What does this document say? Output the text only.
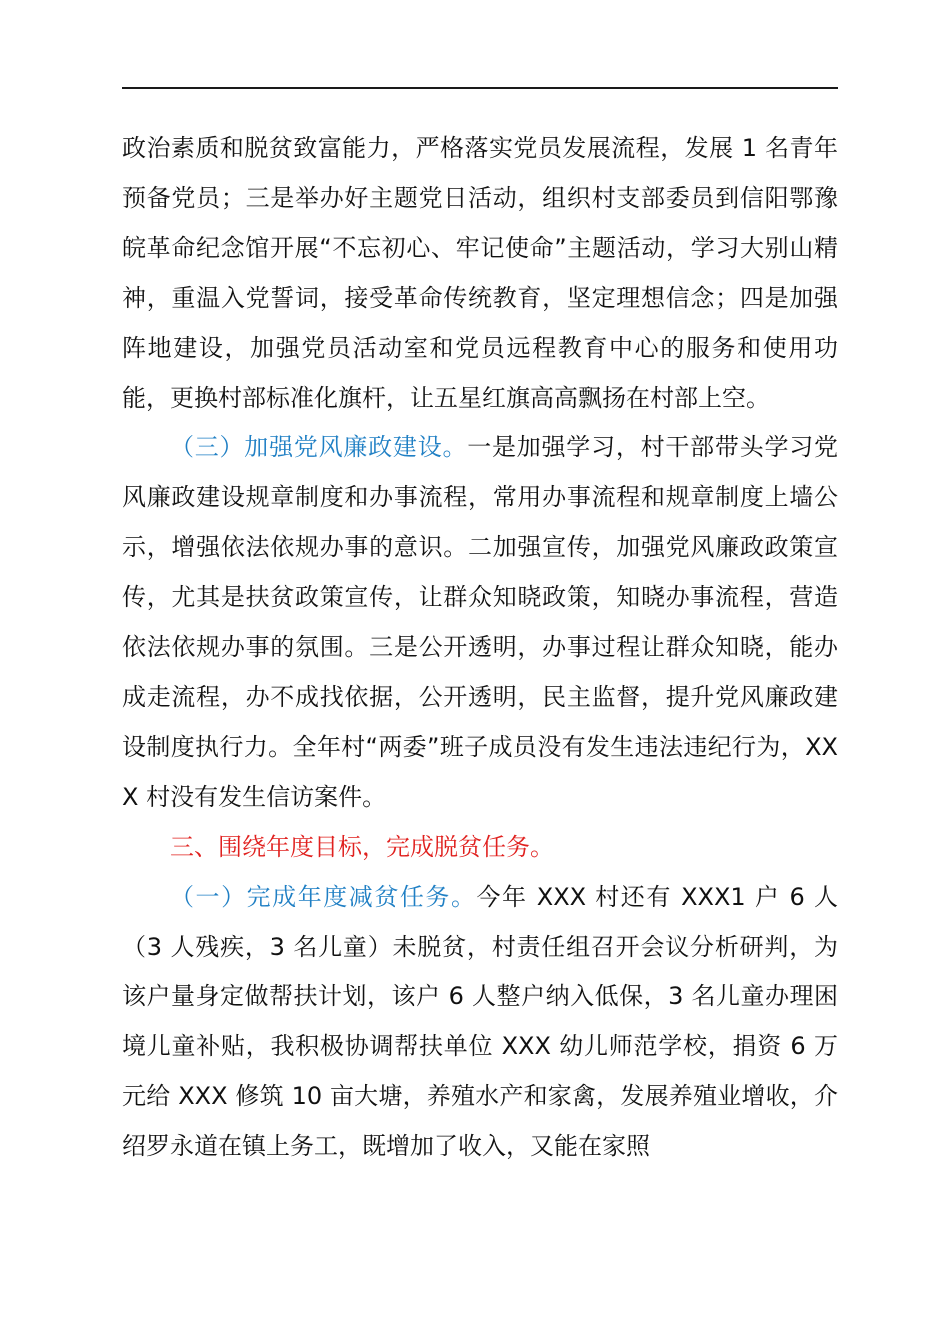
政治素质和脱贫致富能力，严格落实党员发展流程，发展 1 名青年预备党员；三是举办好主题党日活动，组织村支部委员到信阳鄂豫皖革命纪念馆开展“不忘初心、牢记使命”主题活动，学习大别山精神，重温入党誓词，接受革命传统教育，坚定理想信念；四是加强阵地建设，加强党员活动室和党员远程教育中心的服务和使用功能，更换村部标准化旗杆，让五星红旗高高飘扬在村部上空。

（三）加强党风廉政建设。一是加强学习，村干部带头学习党风廉政建设规章制度和办事流程，常用办事流程和规章制度上墙公示，增强依法依规办事的意识。二加强宣传，加强党风廉政政策宣传，尤其是扶贫政策宣传，让群众知晓政策，知晓办事流程，营造依法依规办事的氛围。三是公开透明，办事过程让群众知晓，能办成走流程，办不成找依据，公开透明，民主监督，提升党风廉政建设制度执行力。全年村“两委”班子成员没有发生违法违纪行为，XXX 村没有发生信访案件。

三、围绕年度目标，完成脱贫任务。

（一）完成年度减贫任务。今年 XXX 村还有 XXX1 户 6 人（3 人残疾，3 名儿童）未脱贫，村责任组召开会议分析研判，为该户量身定做帮扶计划，该户 6 人整户纳入低保，3 名儿童办理困境儿童补贴，我积极协调帮扶单位 XXX 幼儿师范学校，捐资 6 万元给 XXX 修筑 10 亩大塘，养殖水产和家禽，发展养殖业增收，介绍罗永道在镇上务工，既增加了收入，又能在家照
